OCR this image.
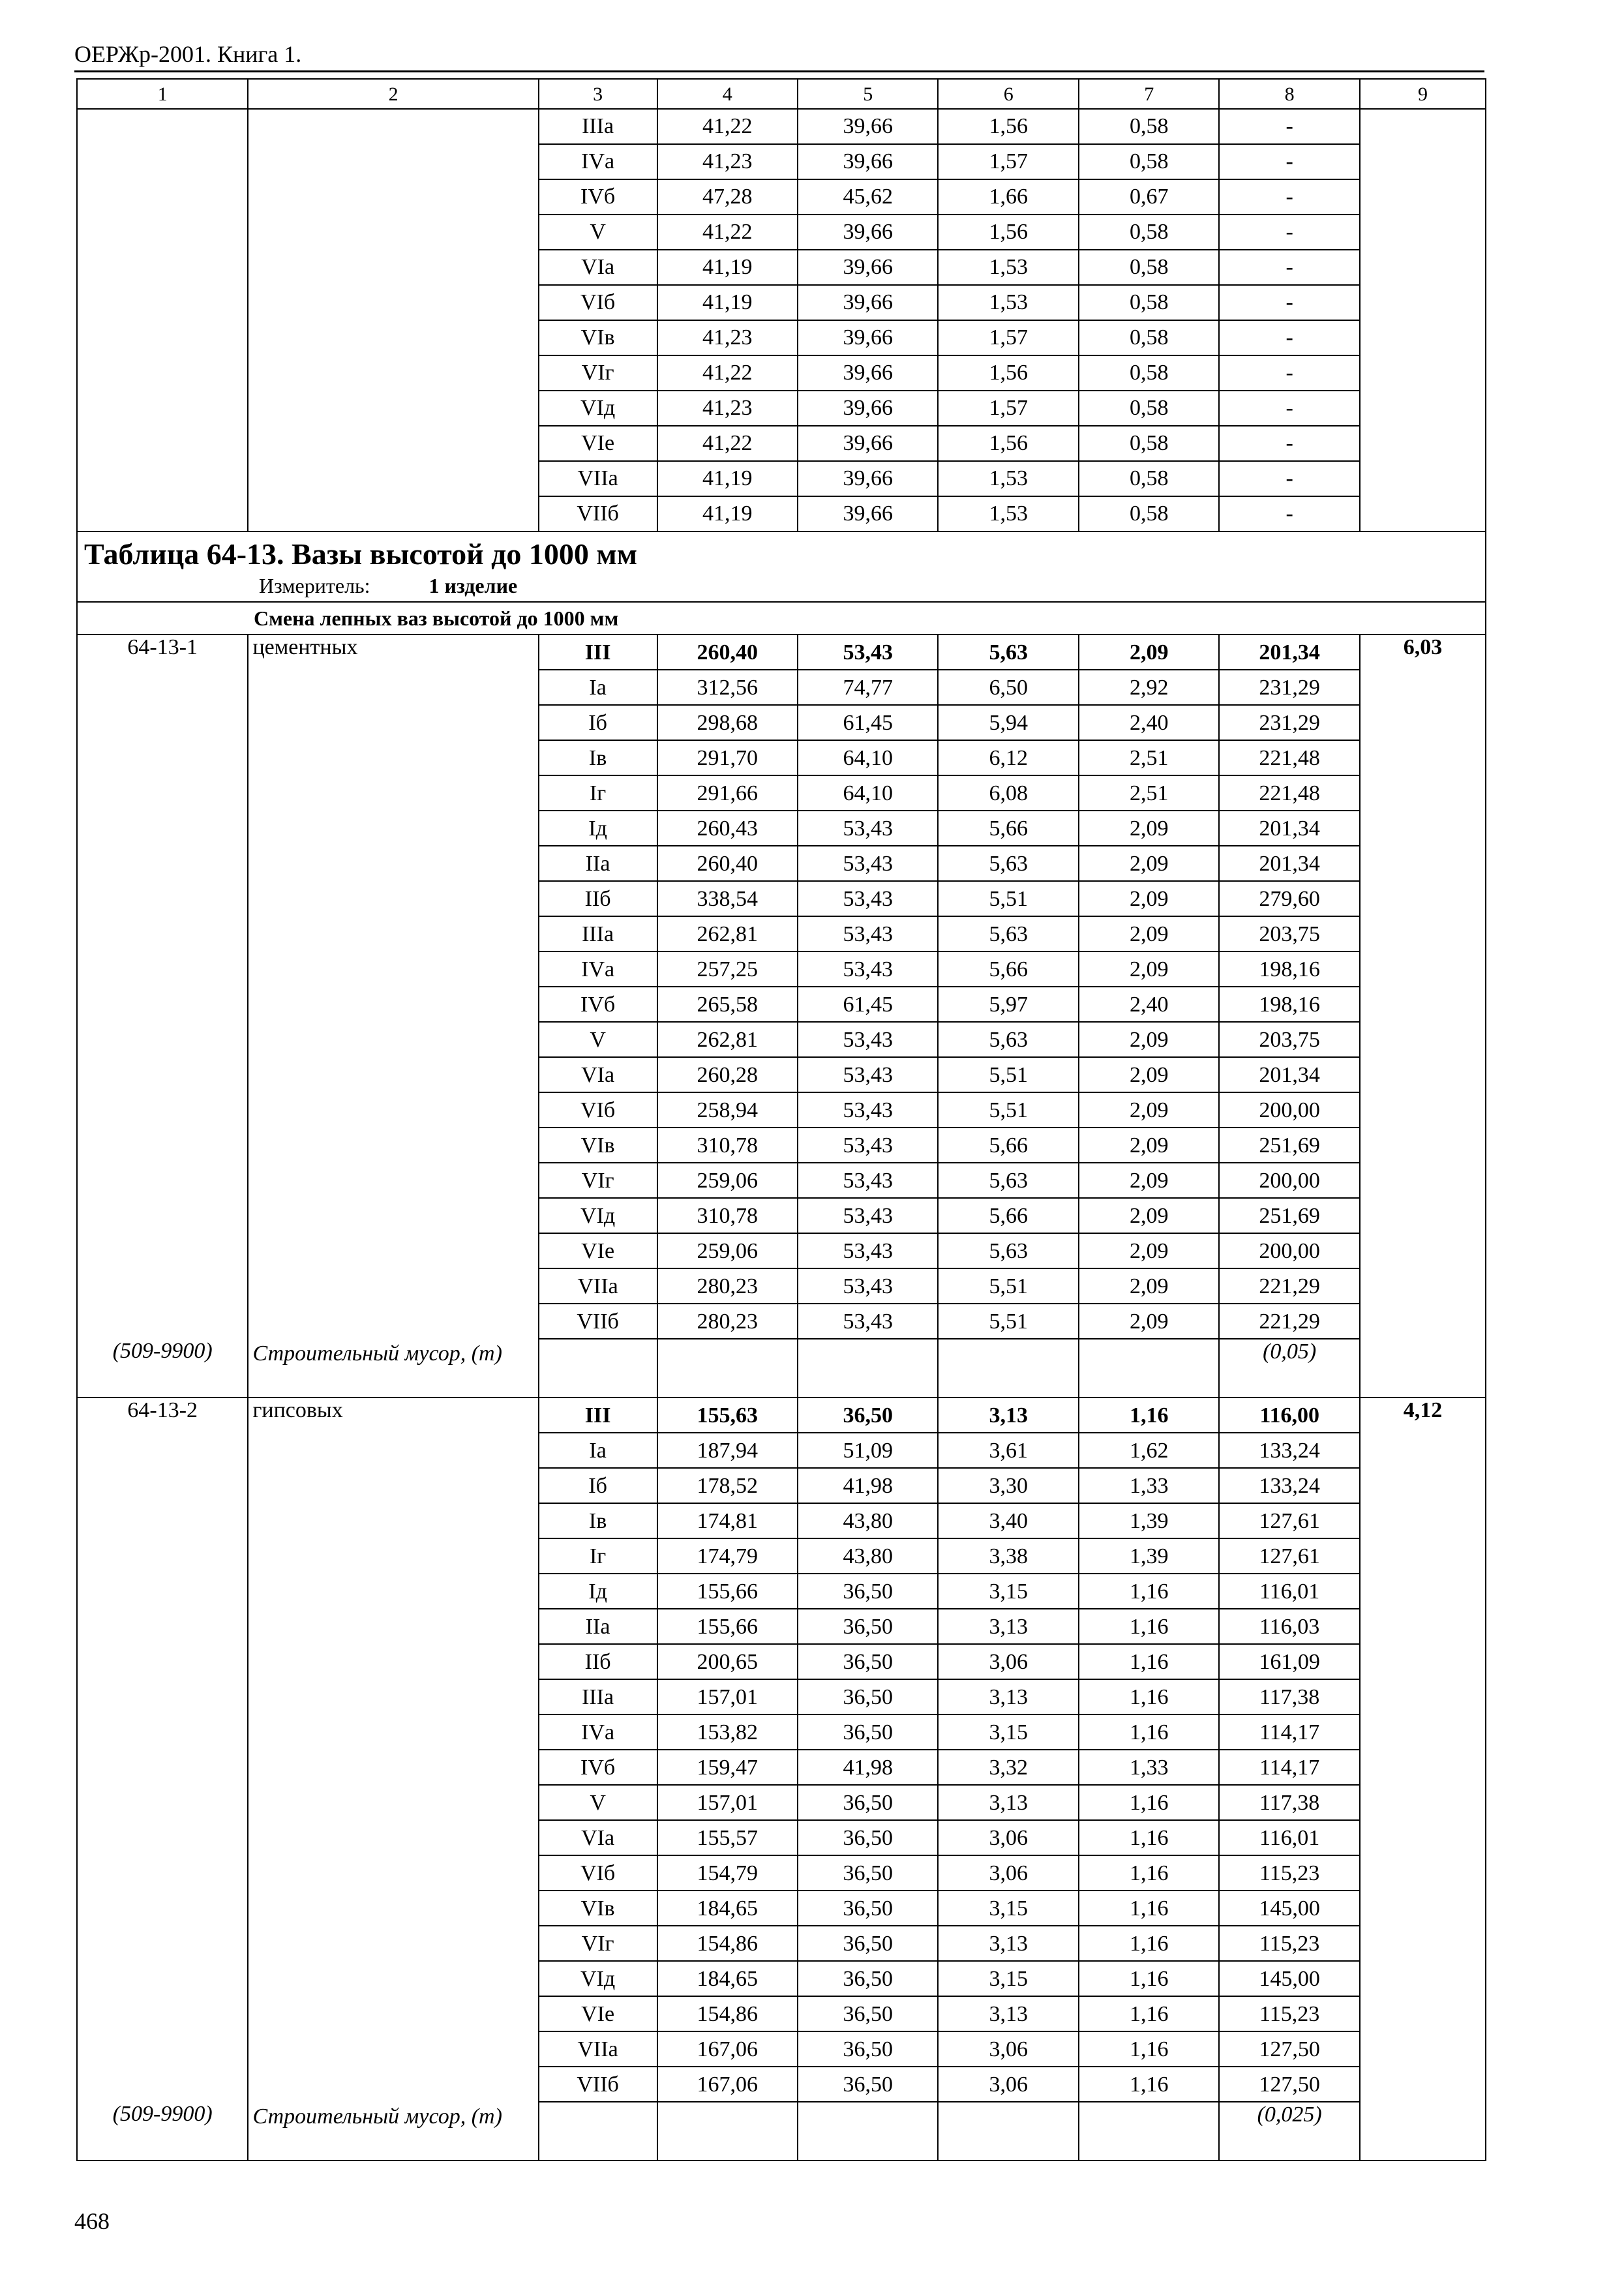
ОЕРЖр-2001. Книга 1.
1	2	3	4	5	6	7	8	9
		IIIа	41,22	39,66	1,56	0,58	-	
		IVа	41,23	39,66	1,57	0,58	-	
		IVб	47,28	45,62	1,66	0,67	-	
		V	41,22	39,66	1,56	0,58	-	
		VIа	41,19	39,66	1,53	0,58	-	
		VIб	41,19	39,66	1,53	0,58	-	
		VIв	41,23	39,66	1,57	0,58	-	
		VIг	41,22	39,66	1,56	0,58	-	
		VIд	41,23	39,66	1,57	0,58	-	
		VIе	41,22	39,66	1,56	0,58	-	
		VIIа	41,19	39,66	1,53	0,58	-	
		VIIб	41,19	39,66	1,53	0,58	-	

Таблица 64-13. Вазы высотой до 1000 мм
Измеритель: 1 изделие								

Смена лепных ваз высотой до 1000 мм								
64-13-1	цементных	III	260,40	53,43	5,63	2,09	201,34	6,03
		Iа	312,56	74,77	6,50	2,92	231,29	
		Iб	298,68	61,45	5,94	2,40	231,29	
		Iв	291,70	64,10	6,12	2,51	221,48	
		Iг	291,66	64,10	6,08	2,51	221,48	
		Iд	260,43	53,43	5,66	2,09	201,34	
		IIа	260,40	53,43	5,63	2,09	201,34	
		IIб	338,54	53,43	5,51	2,09	279,60	
		IIIа	262,81	53,43	5,63	2,09	203,75	
		IVа	257,25	53,43	5,66	2,09	198,16	
		IVб	265,58	61,45	5,97	2,40	198,16	
		V	262,81	53,43	5,63	2,09	203,75	
		VIа	260,28	53,43	5,51	2,09	201,34	
		VIб	258,94	53,43	5,51	2,09	200,00	
		VIв	310,78	53,43	5,66	2,09	251,69	
		VIг	259,06	53,43	5,63	2,09	200,00	
		VIд	310,78	53,43	5,66	2,09	251,69	
		VIе	259,06	53,43	5,63	2,09	200,00	
		VIIа	280,23	53,43	5,51	2,09	221,29	
		VIIб	280,23	53,43	5,51	2,09	221,29	
(509-9900)	Строительный мусор, (т)						(0,05)	
64-13-2	гипсовых	III	155,63	36,50	3,13	1,16	116,00	4,12
		Iа	187,94	51,09	3,61	1,62	133,24	
		Iб	178,52	41,98	3,30	1,33	133,24	
		Iв	174,81	43,80	3,40	1,39	127,61	
		Iг	174,79	43,80	3,38	1,39	127,61	
		Iд	155,66	36,50	3,15	1,16	116,01	
		IIа	155,66	36,50	3,13	1,16	116,03	
		IIб	200,65	36,50	3,06	1,16	161,09	
		IIIа	157,01	36,50	3,13	1,16	117,38	
		IVа	153,82	36,50	3,15	1,16	114,17	
		IVб	159,47	41,98	3,32	1,33	114,17	
		V	157,01	36,50	3,13	1,16	117,38	
		VIа	155,57	36,50	3,06	1,16	116,01	
		VIб	154,79	36,50	3,06	1,16	115,23	
		VIв	184,65	36,50	3,15	1,16	145,00	
		VIг	154,86	36,50	3,13	1,16	115,23	
		VIд	184,65	36,50	3,15	1,16	145,00	
		VIе	154,86	36,50	3,13	1,16	115,23	
		VIIа	167,06	36,50	3,06	1,16	127,50	
		VIIб	167,06	36,50	3,06	1,16	127,50	
(509-9900)	Строительный мусор, (т)						(0,025)	
468
